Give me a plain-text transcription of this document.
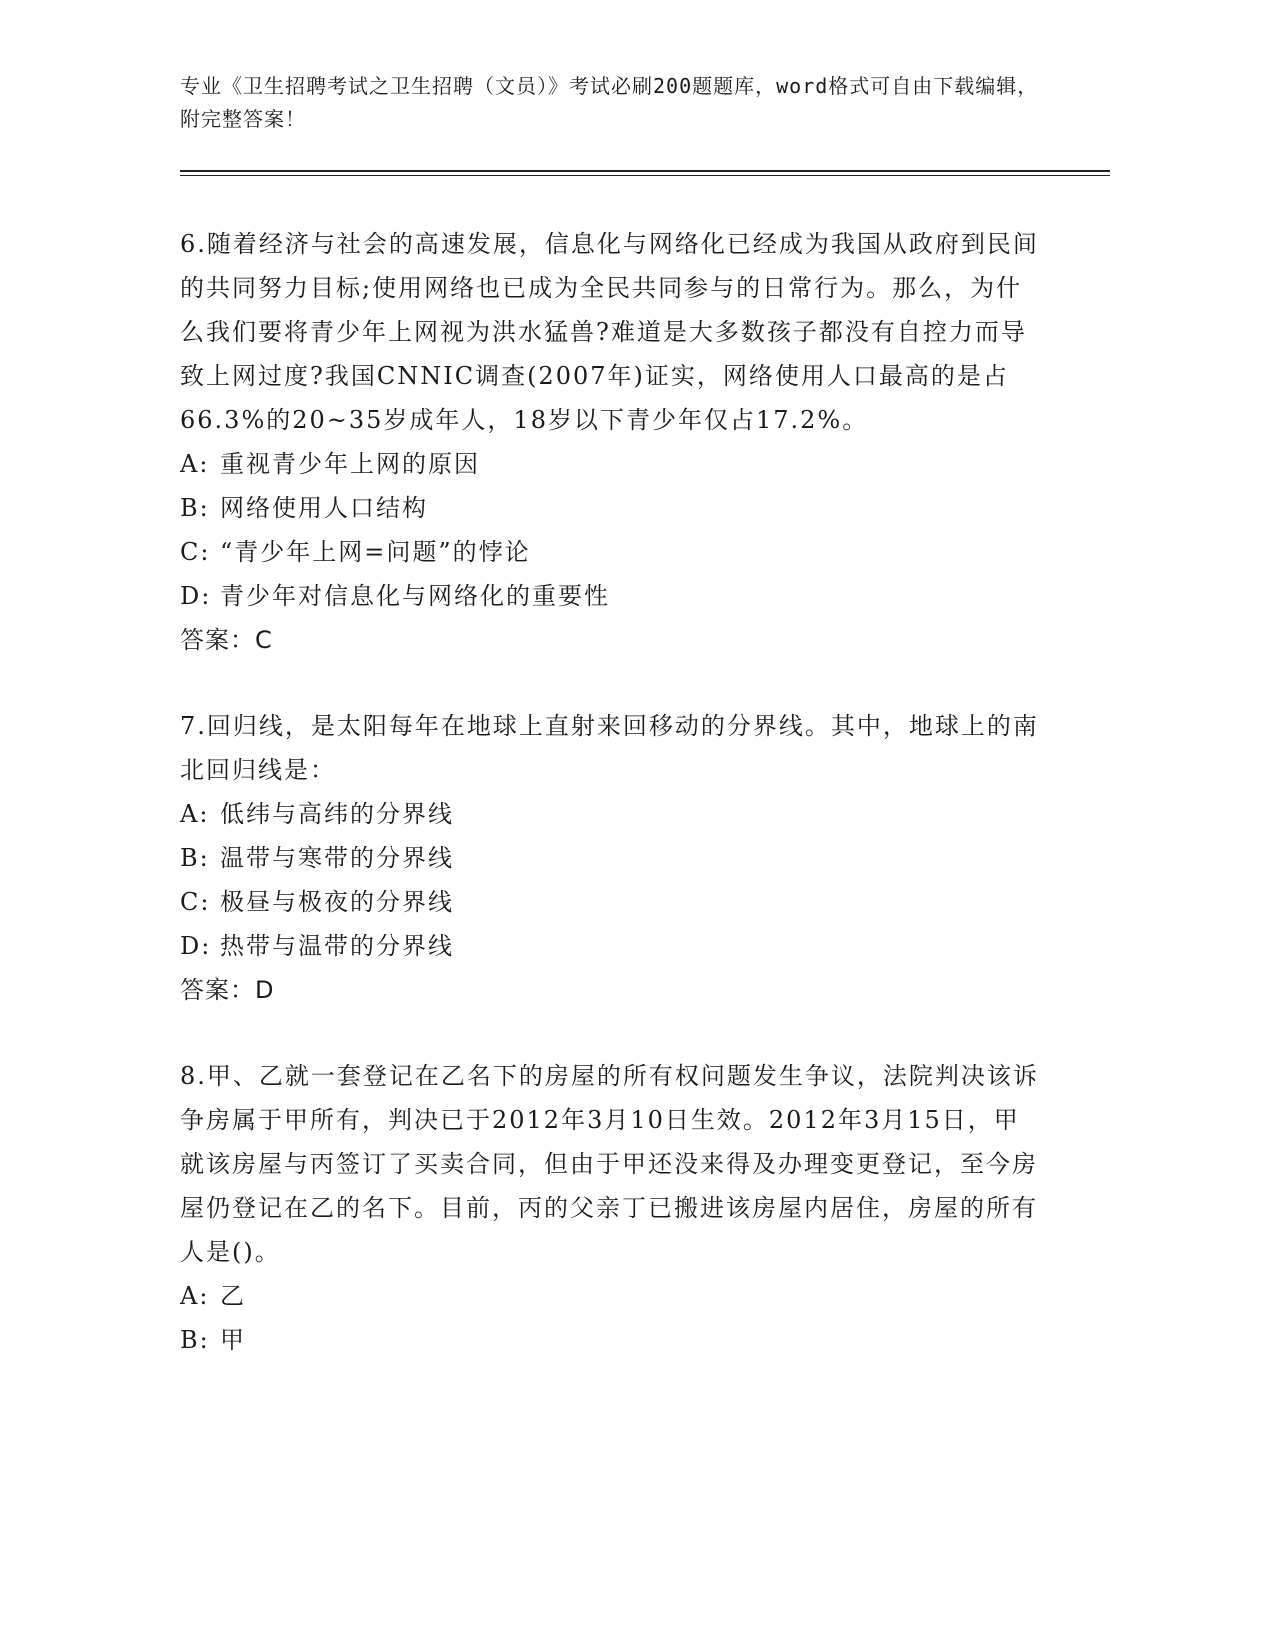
专业《卫生招聘考试之卫生招聘（文员）》考试必刷200题题库，word格式可自由下载编辑，附完整答案！
6.随着经济与社会的高速发展，信息化与网络化已经成为我国从政府到民间的共同努力目标;使用网络也已成为全民共同参与的日常行为。那么，为什么我们要将青少年上网视为洪水猛兽?难道是大多数孩子都没有自控力而导致上网过度?我国CNNIC调查(2007年)证实，网络使用人口最高的是占66.3%的20~35岁成年人，18岁以下青少年仅占17.2%。
A: 重视青少年上网的原因
B: 网络使用人口结构
C: “青少年上网=问题”的悖论
D: 青少年对信息化与网络化的重要性
答案：C
7.回归线，是太阳每年在地球上直射来回移动的分界线。其中，地球上的南北回归线是：
A: 低纬与高纬的分界线
B: 温带与寒带的分界线
C: 极昼与极夜的分界线
D: 热带与温带的分界线
答案：D
8.甲、乙就一套登记在乙名下的房屋的所有权问题发生争议，法院判决该诉争房属于甲所有，判决已于2012年3月10日生效。2012年3月15日，甲就该房屋与丙签订了买卖合同，但由于甲还没来得及办理变更登记，至今房屋仍登记在乙的名下。目前，丙的父亲丁已搬进该房屋内居住，房屋的所有人是()。
A: 乙
B: 甲
